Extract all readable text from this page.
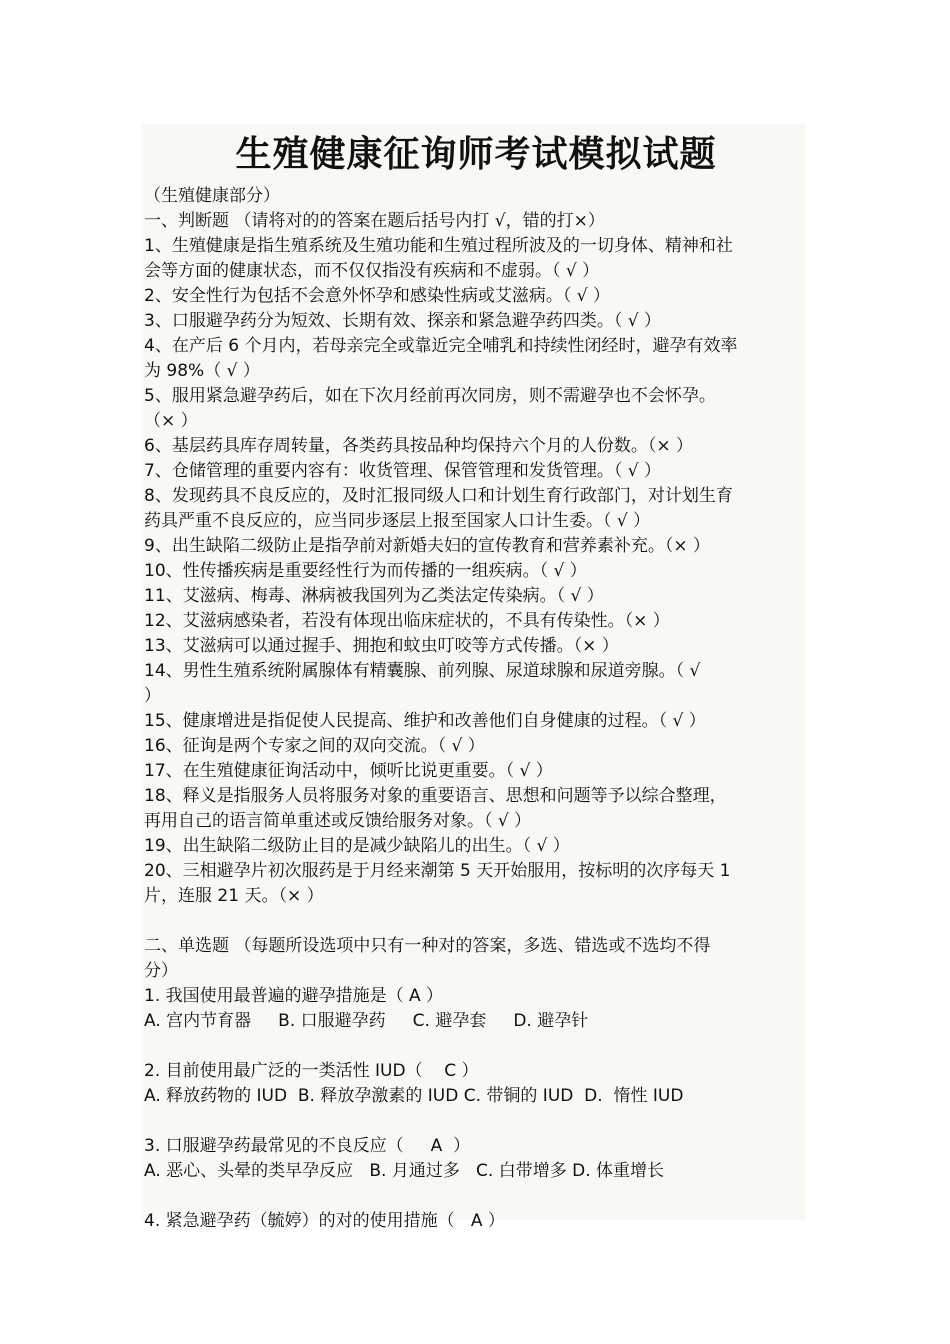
生殖健康征询师考试模拟试题

（生殖健康部分）

一、判断题 （请将对的的答案在题后括号内打 √，错的打×）

1、生殖健康是指生殖系统及生殖功能和生殖过程所波及的一切身体、精神和社

会等方面的健康状态，而不仅仅指没有疾病和不虚弱。（ √ ）

2、安全性行为包括不会意外怀孕和感染性病或艾滋病。（ √ ）

3、口服避孕药分为短效、长期有效、探亲和紧急避孕药四类。（ √ ）

4、在产后 6 个月内，若母亲完全或靠近完全哺乳和持续性闭经时，避孕有效率

为 98%（ √ ）

5、服用紧急避孕药后，如在下次月经前再次同房，则不需避孕也不会怀孕。

（× ）

6、基层药具库存周转量，各类药具按品种均保持六个月的人份数。（× ）

7、仓储管理的重要内容有：收货管理、保管管理和发货管理。（ √ ）

8、发现药具不良反应的，及时汇报同级人口和计划生育行政部门，对计划生育

药具严重不良反应的，应当同步逐层上报至国家人口计生委。（ √ ）

9、出生缺陷二级防止是指孕前对新婚夫妇的宣传教育和营养素补充。（× ）

10、性传播疾病是重要经性行为而传播的一组疾病。（ √ ）

11、艾滋病、梅毒、淋病被我国列为乙类法定传染病。（ √ ）

12、艾滋病感染者，若没有体现出临床症状的，不具有传染性。（× ）

13、艾滋病可以通过握手、拥抱和蚊虫叮咬等方式传播。（× ）

14、男性生殖系统附属腺体有精囊腺、前列腺、尿道球腺和尿道旁腺。（ √

）

15、健康增进是指促使人民提高、维护和改善他们自身健康的过程。（ √ ）

16、征询是两个专家之间的双向交流。（ √ ）

17、在生殖健康征询活动中，倾听比说更重要。（ √ ）

18、释义是指服务人员将服务对象的重要语言、思想和问题等予以综合整理，

再用自己的语言简单重述或反馈给服务对象。（ √ ）

19、出生缺陷二级防止目的是减少缺陷儿的出生。（ √ ）

20、三相避孕片初次服药是于月经来潮第 5 天开始服用，按标明的次序每天 1

片，连服 21 天。（× ）

二、单选题 （每题所设选项中只有一种对的答案，多选、错选或不选均不得

分）

1. 我国使用最普遍的避孕措施是（ A ）

A. 宫内节育器     B. 口服避孕药     C. 避孕套     D. 避孕针

2. 目前使用最广泛的一类活性 IUD（    C ）

A. 释放药物的 IUD  B. 释放孕激素的 IUD C. 带铜的 IUD  D.  惰性 IUD

3. 口服避孕药最常见的不良反应（     A  ）

A. 恶心、头晕的类早孕反应   B. 月通过多   C. 白带增多 D. 体重增长

4. 紧急避孕药（毓婷）的对的使用措施（   A ）
